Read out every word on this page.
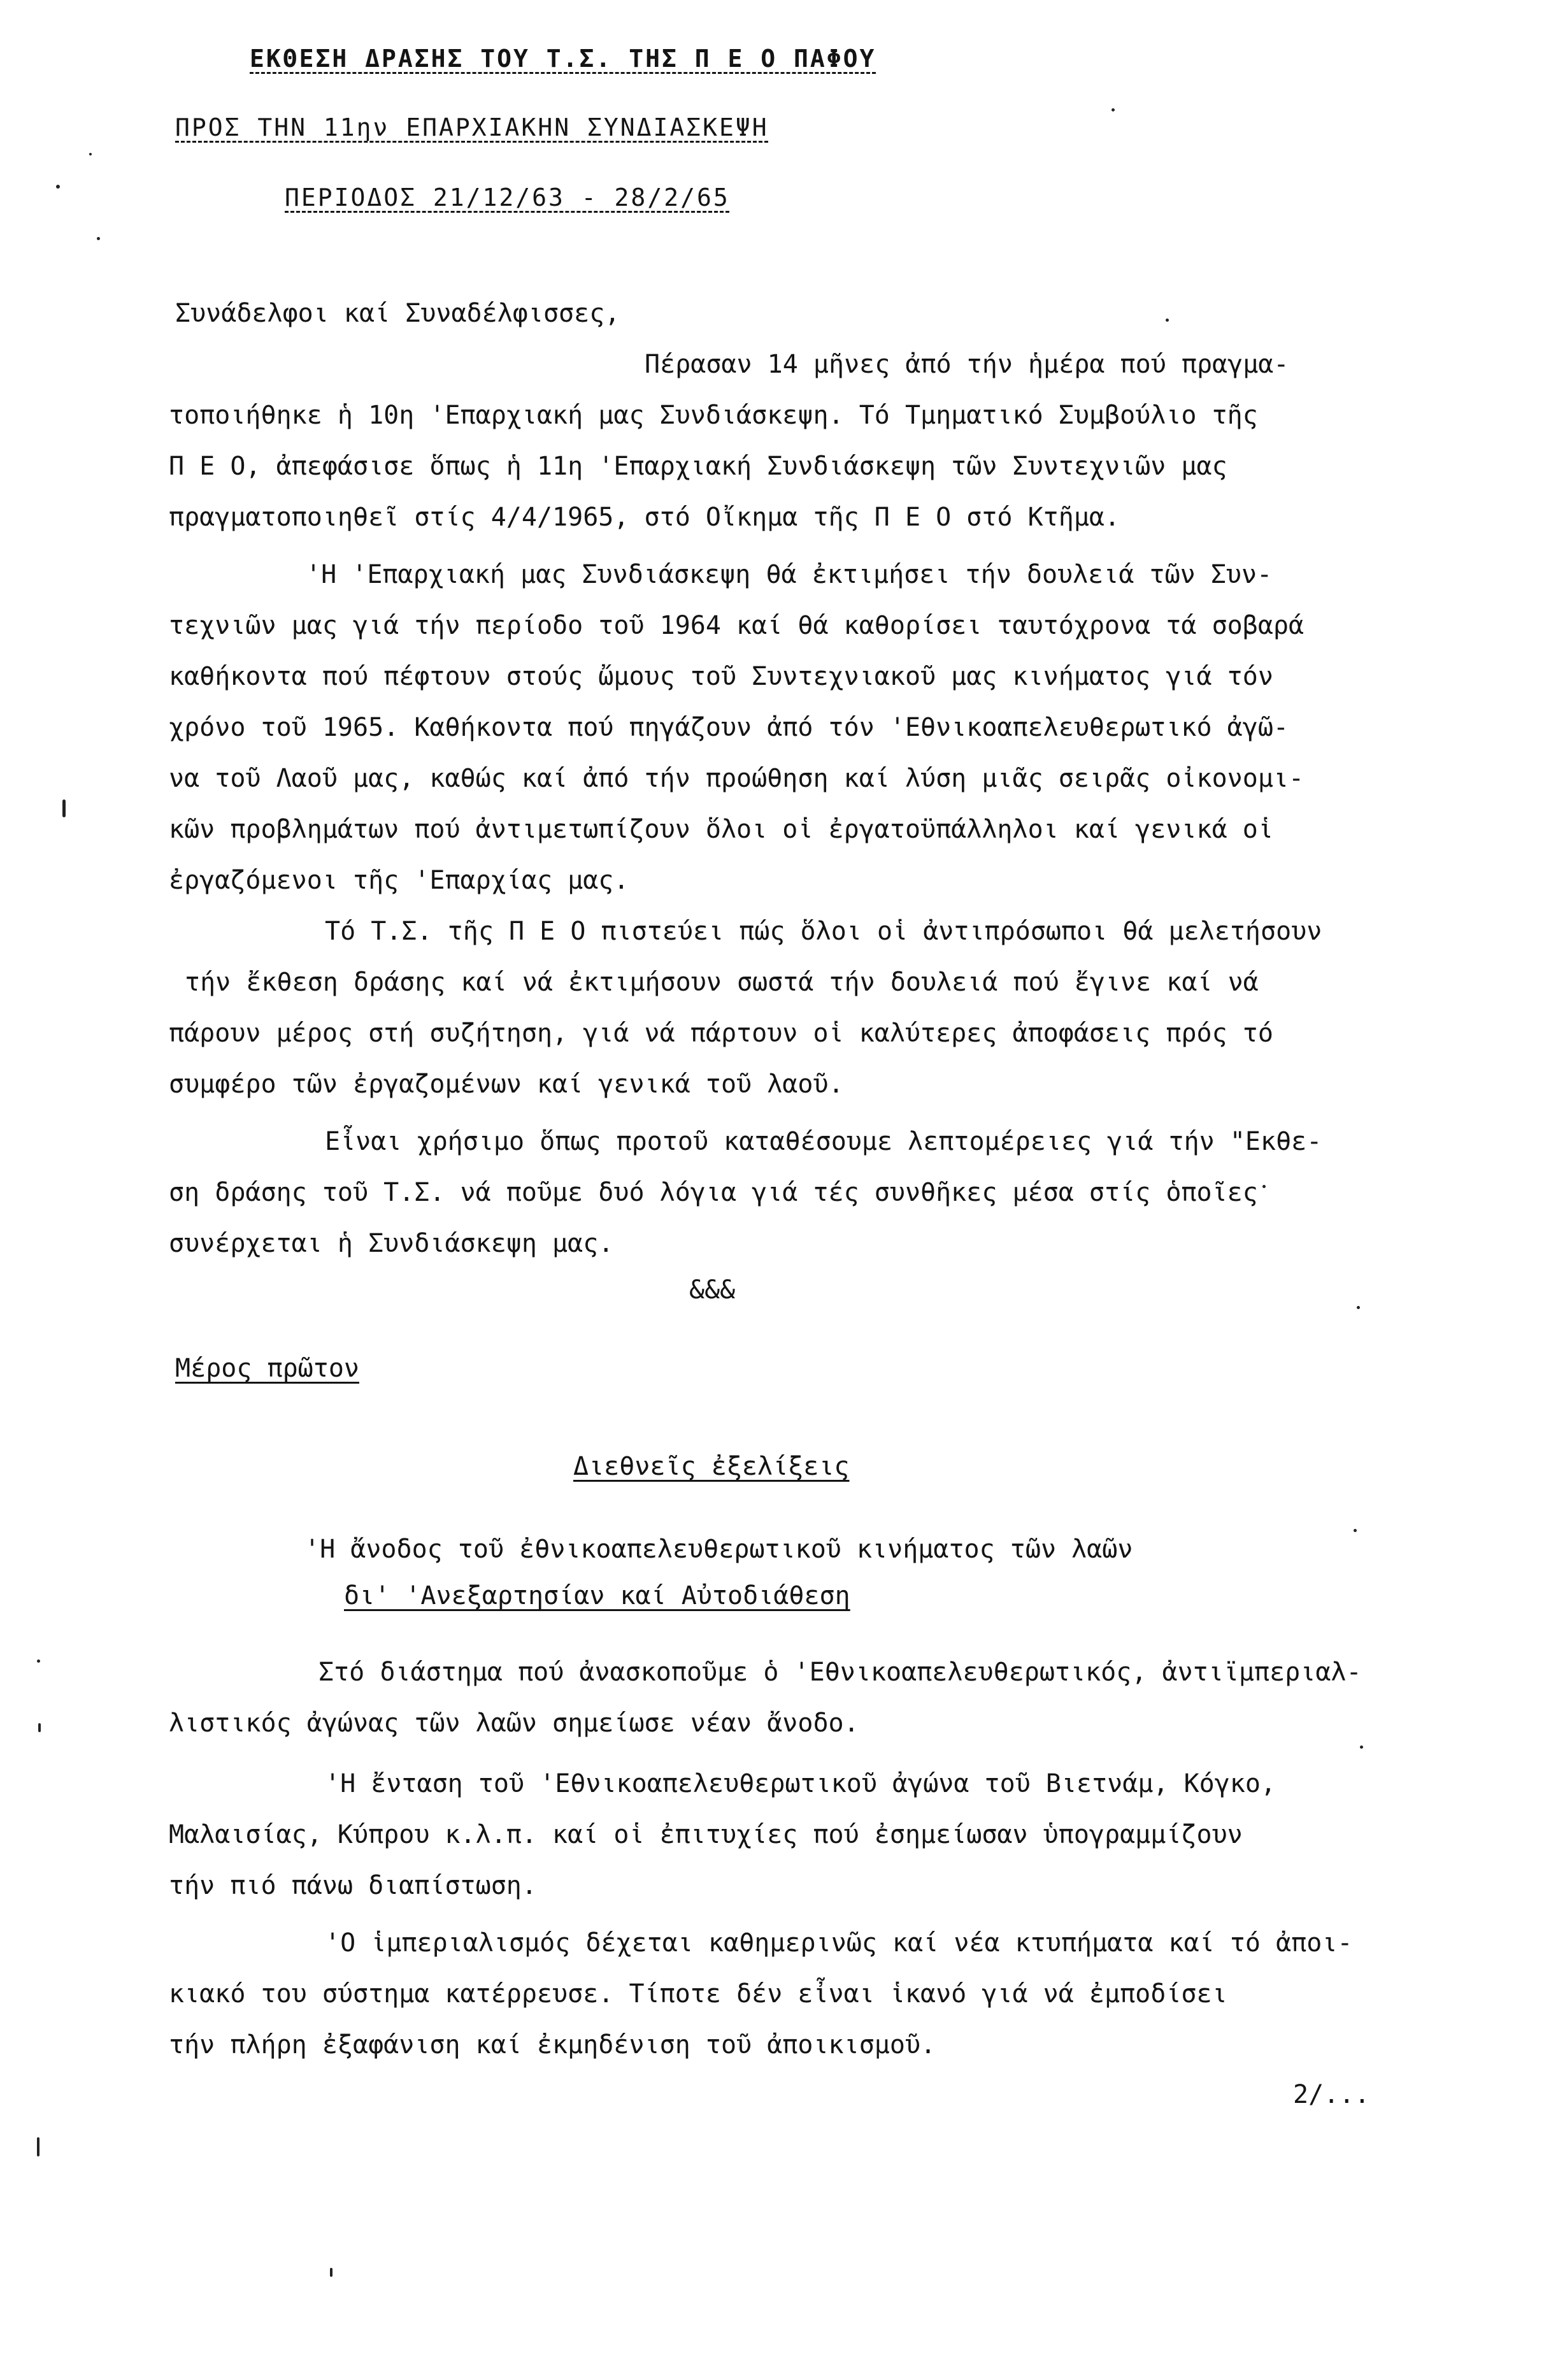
ΕΚΘΕΣΗ ΔΡΑΣΗΣ ΤΟΥ Τ.Σ. ΤΗΣ Π Ε Ο ΠΑΦΟΥ
ΠΡΟΣ ΤΗΝ 11ην ΕΠΑΡΧΙΑΚΗΝ ΣΥΝΔΙΑΣΚΕΨΗ
ΠΕΡΙΟΔΟΣ 21/12/63 - 28/2/65
Συνάδελφοι καί Συναδέλφισσες,
Πέρασαν 14 μῆνες ἀπό τήν ἡμέρα πού πραγμα-
τοποιήθηκε ἡ 10η 'Επαρχιακή μας Συνδιάσκεψη. Τό Τμηματικό Συμβούλιο τῆς
Π Ε Ο, ἀπεφάσισε ὅπως ἡ 11η 'Επαρχιακή Συνδιάσκεψη τῶν Συντεχνιῶν μας
πραγματοποιηθεῖ στίς 4/4/1965, στό Οἴκημα τῆς Π Ε Ο στό Κτῆμα.
'Η 'Επαρχιακή μας Συνδιάσκεψη θά ἐκτιμήσει τήν δουλειά τῶν Συν-
τεχνιῶν μας γιά τήν περίοδο τοῦ 1964 καί θά καθορίσει ταυτόχρονα τά σοβαρά
καθήκοντα πού πέφτουν στούς ὤμους τοῦ Συντεχνιακοῦ μας κινήματος γιά τόν
χρόνο τοῦ 1965. Καθήκοντα πού πηγάζουν ἀπό τόν 'Εθνικοαπελευθερωτικό ἀγῶ-
να τοῦ Λαοῦ μας, καθώς καί ἀπό τήν προώθηση καί λύση μιᾶς σειρᾶς οἰκονομι-
κῶν προβλημάτων πού ἀντιμετωπίζουν ὅλοι οἱ ἐργατοϋπάλληλοι καί γενικά οἱ
ἐργαζόμενοι τῆς 'Επαρχίας μας.
Τό Τ.Σ. τῆς Π Ε Ο πιστεύει πώς ὅλοι οἱ ἀντιπρόσωποι θά μελετήσουν
τήν ἔκθεση δράσης καί νά ἐκτιμήσουν σωστά τήν δουλειά πού ἔγινε καί νά
πάρουν μέρος στή συζήτηση, γιά νά πάρτουν οἱ καλύτερες ἀποφάσεις πρός τό
συμφέρο τῶν ἐργαζομένων καί γενικά τοῦ λαοῦ.
Εἶναι χρήσιμο ὅπως προτοῦ καταθέσουμε λεπτομέρειες γιά τήν "Εκθε-
ση δράσης τοῦ Τ.Σ. νά ποῦμε δυό λόγια γιά τές συνθῆκες μέσα στίς ὁποῖες
συνέρχεται ἡ Συνδιάσκεψη μας.
&&&
Μέρος πρῶτον
Διεθνεῖς ἐξελίξεις
'Η ἄνοδος τοῦ ἐθνικοαπελευθερωτικοῦ κινήματος τῶν λαῶν
δι' 'Ανεξαρτησίαν καί Αὐτοδιάθεση
Στό διάστημα πού ἀνασκοποῦμε ὁ 'Εθνικοαπελευθερωτικός, ἀντιϊμπεριαλ-
λιστικός ἀγώνας τῶν λαῶν σημείωσε νέαν ἄνοδο.
'Η ἔνταση τοῦ 'Εθνικοαπελευθερωτικοῦ ἀγώνα τοῦ Βιετνάμ, Κόγκο,
Μαλαισίας, Κύπρου κ.λ.π. καί οἱ ἐπιτυχίες πού ἐσημείωσαν ὑπογραμμίζουν
τήν πιό πάνω διαπίστωση.
'Ο ἱμπεριαλισμός δέχεται καθημερινῶς καί νέα κτυπήματα καί τό ἀποι-
κιακό του σύστημα κατέρρευσε. Τίποτε δέν εἶναι ἱκανό γιά νά ἐμποδίσει
τήν πλήρη ἐξαφάνιση καί ἐκμηδένιση τοῦ ἀποικισμοῦ.
2/...
